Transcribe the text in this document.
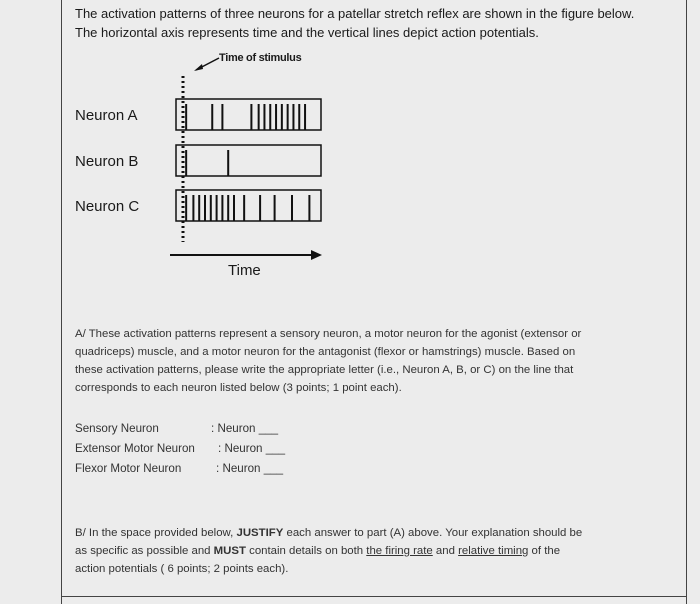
The activation patterns of three neurons for a patellar stretch reflex are shown in the figure below.
The horizontal axis represents time and the vertical lines depict action potentials.
Time of stimulus
Time
Neuron A
Neuron B
Neuron C
A/ These activation patterns represent a sensory neuron, a motor neuron for the agonist (extensor or
quadriceps) muscle, and a motor neuron for the antagonist (flexor or hamstrings) muscle. Based on
these activation patterns, please write the appropriate letter (i.e., Neuron A, B, or C) on the line that
corresponds to each neuron listed below (3 points; 1 point each).
Sensory Neuron	: Neuron ___
Extensor Motor Neuron : Neuron ___
Flexor Motor Neuron	: Neuron ___
B/ In the space provided below, JUSTIFY each answer to part (A) above. Your explanation should be
as specific as possible and MUST contain details on both the firing rate and relative timing of the
action potentials ( 6 points; 2 points each).
